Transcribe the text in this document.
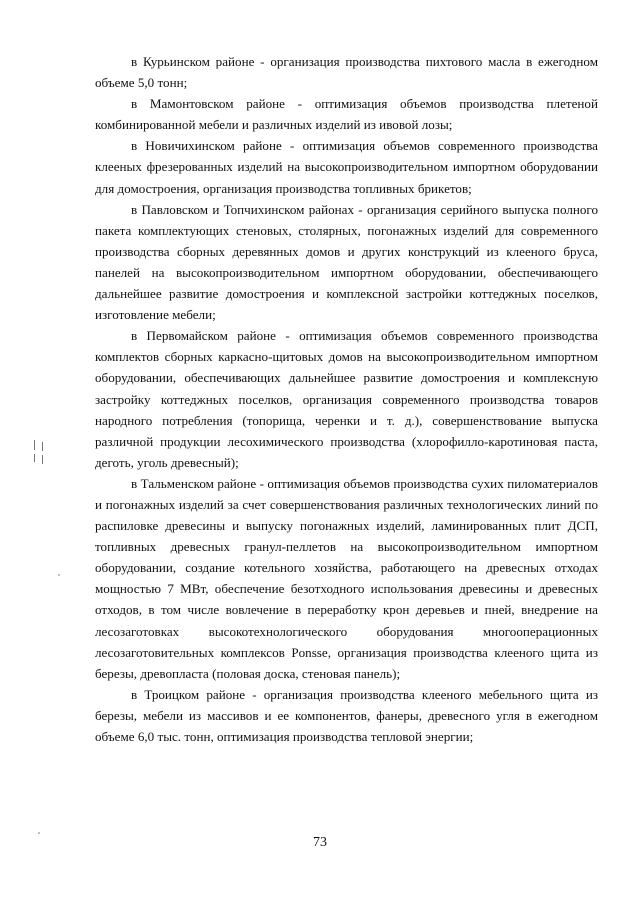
в Курьинском районе - организация производства пихтового масла в ежегодном объеме 5,0 тонн;

в Мамонтовском районе - оптимизация объемов производства плетеной комбинированной мебели и различных изделий из ивовой лозы;

в Новичихинском районе - оптимизация объемов современного производства клееных фрезерованных изделий на высокопроизводительном импортном оборудовании для домостроения, организация производства топливных брикетов;

в Павловском и Топчихинском районах - организация серийного выпуска полного пакета комплектующих стеновых, столярных, погонажных изделий для современного производства сборных деревянных домов и других конструкций из клееного бруса, панелей на высокопроизводительном импортном оборудовании, обеспечивающего дальнейшее развитие домостроения и комплексной застройки коттеджных поселков, изготовление мебели;

в Первомайском районе - оптимизация объемов современного производства комплектов сборных каркасно-щитовых домов на высокопроизводительном импортном оборудовании, обеспечивающих дальнейшее развитие домостроения и комплексную застройку коттеджных поселков, организация современного производства товаров народного потребления (топорища, черенки и т. д.), совершенствование выпуска различной продукции лесохимического производства (хлорофилло-каротиновая паста, деготь, уголь древесный);

в Тальменском районе - оптимизация объемов производства сухих пиломатериалов и погонажных изделий за счет совершенствования различных технологических линий по распиловке древесины и выпуску погонажных изделий, ламинированных плит ДСП, топливных древесных гранул-пеллетов на высокопроизводительном импортном оборудовании, создание котельного хозяйства, работающего на древесных отходах мощностью 7 МВт, обеспечение безотходного использования древесины и древесных отходов, в том числе вовлечение в переработку крон деревьев и пней, внедрение на лесозаготовках высокотехнологического оборудования многооперационных лесозаготовительных комплексов Ponsse, организация производства клееного щита из березы, древопласта (половая доска, стеновая панель);

в Троицком районе - организация производства клееного мебельного щита из березы, мебели из массивов и ее компонентов, фанеры, древесного угля в ежегодном объеме 6,0 тыс. тонн, оптимизация производства тепловой энергии;

73
